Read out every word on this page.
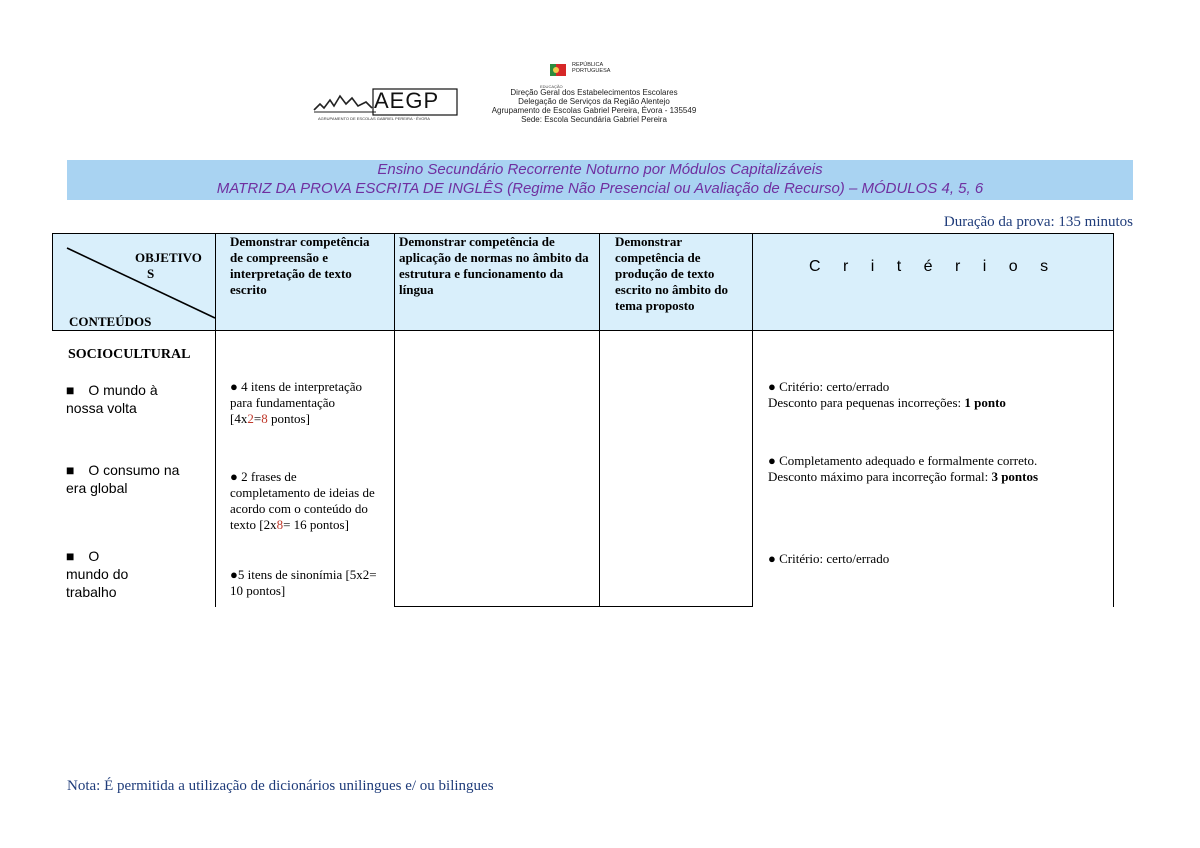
AEGP
AGRUPAMENTO DE ESCOLAS GABRIEL PEREIRA · ÉVORA
REPÚBLICA
PORTUGUESA
EDUCAÇÃO
Direção Geral dos Estabelecimentos Escolares
Delegação de Serviços da Região Alentejo
Agrupamento de Escolas Gabriel Pereira, Évora - 135549
Sede: Escola Secundária Gabriel Pereira
Ensino Secundário Recorrente Noturno por Módulos Capitalizáveis
MATRIZ DA PROVA ESCRITA DE INGLÊS (Regime Não Presencial ou Avaliação de Recurso) – MÓDULOS 4, 5, 6
Duração da prova: 135 minutos
OBJETIVO
S
CONTEÚDOS
Demonstrar competência de compreensão e interpretação de texto escrito
Demonstrar competência de aplicação de normas no âmbito da estrutura e funcionamento da língua
Demonstrar competência de produção de texto escrito no âmbito do tema proposto
C r i t é r i o s
SOCIOCULTURAL
■ O mundo à nossa volta
■ O consumo na era global
■ O mundo do trabalho
● 4 itens de interpretação para fundamentação [4x2=8 pontos]
● 2 frases de completamento de ideias de acordo com o conteúdo do texto [2x8= 16 pontos]
●5 itens de sinonímia [5x2= 10 pontos]
● Critério: certo/errado
Desconto para pequenas incorreções: 1 ponto
● Completamento adequado e formalmente correto. Desconto máximo para incorreção formal: 3 pontos
● Critério: certo/errado
Nota: É permitida a utilização de dicionários unilingues e/ ou bilingues
